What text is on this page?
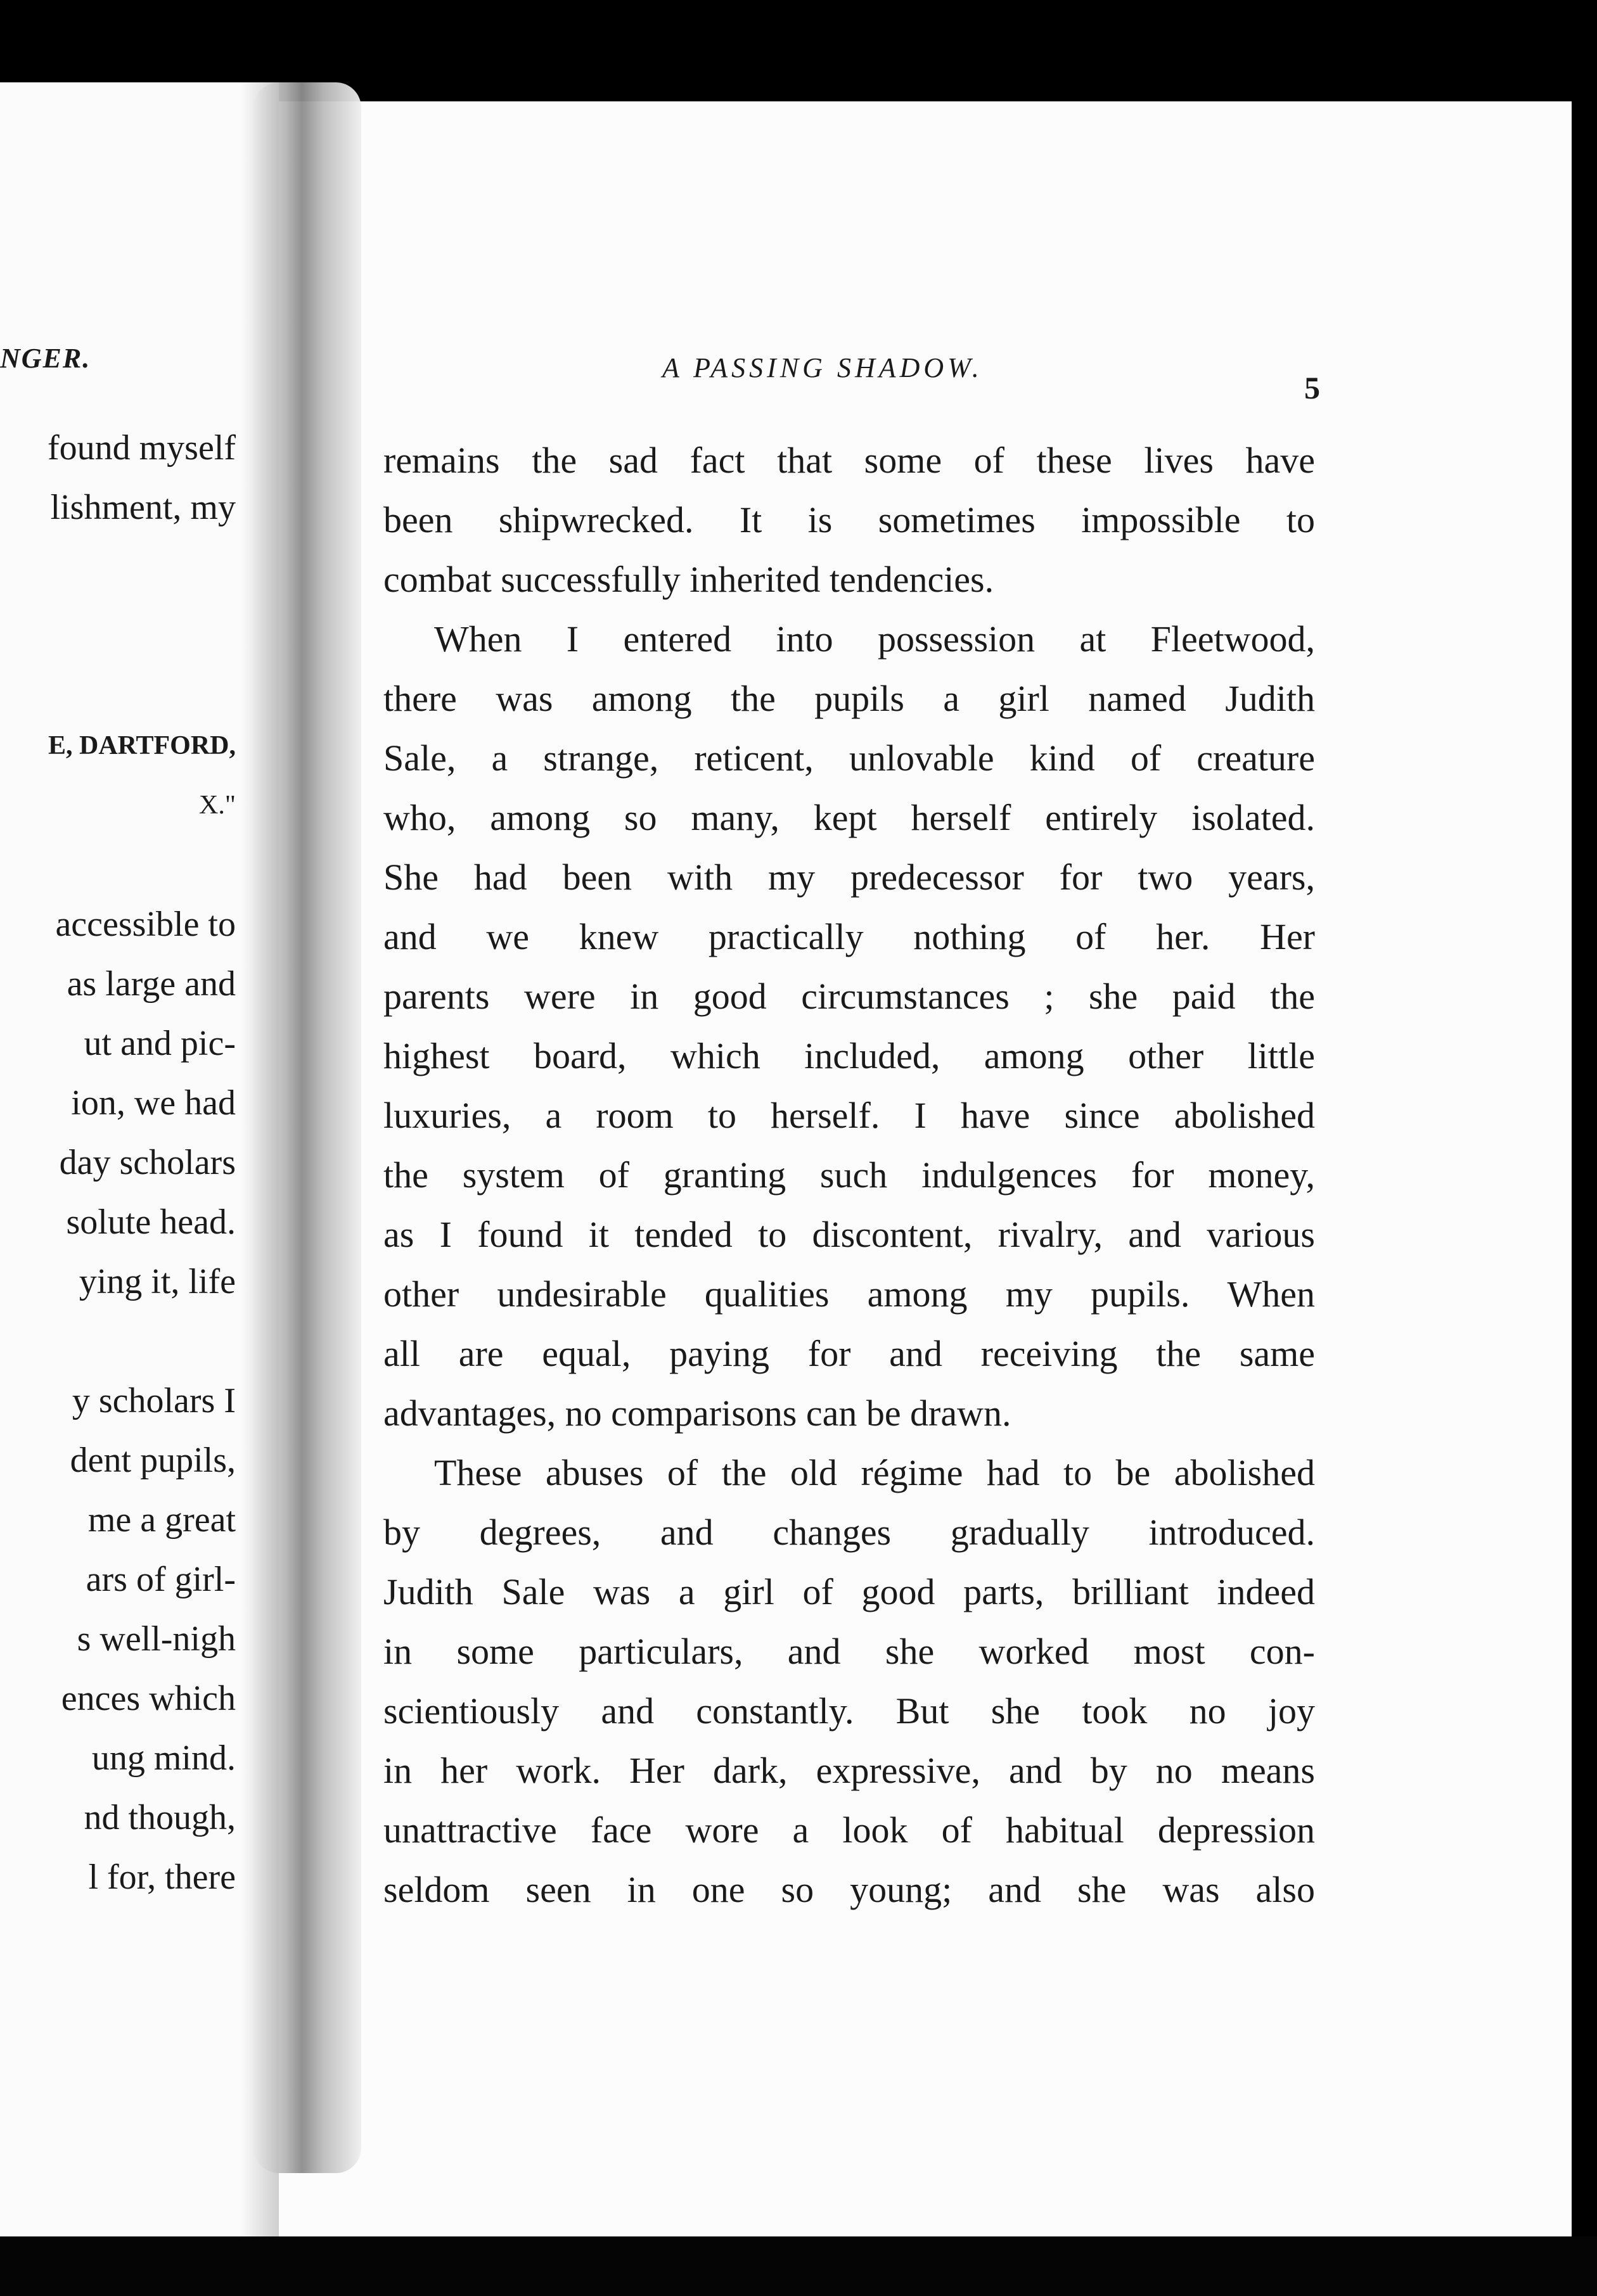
NGER.
found myself
lishment, my
E, DARTFORD,
X."
accessible to
as large and
ut and pic-
ion, we had
day scholars
solute head.
ying it, life
y scholars I
dent pupils,
me a great
ars of girl-
s well-nigh
ences which
ung mind.
nd though,
l for, there
A PASSING SHADOW.
5
remains the sad fact that some of these lives have
been shipwrecked. It is sometimes impossible to
combat successfully inherited tendencies.
When I entered into possession at Fleetwood,
there was among the pupils a girl named Judith
Sale, a strange, reticent, unlovable kind of creature
who, among so many, kept herself entirely isolated.
She had been with my predecessor for two years,
and we knew practically nothing of her. Her
parents were in good circumstances ; she paid the
highest board, which included, among other little
luxuries, a room to herself. I have since abolished
the system of granting such indulgences for money,
as I found it tended to discontent, rivalry, and various
other undesirable qualities among my pupils. When
all are equal, paying for and receiving the same
advantages, no comparisons can be drawn.
These abuses of the old régime had to be abolished
by degrees, and changes gradually introduced.
Judith Sale was a girl of good parts, brilliant indeed
in some particulars, and she worked most con-
scientiously and constantly. But she took no joy
in her work. Her dark, expressive, and by no means
unattractive face wore a look of habitual depression
seldom seen in one so young; and she was also
